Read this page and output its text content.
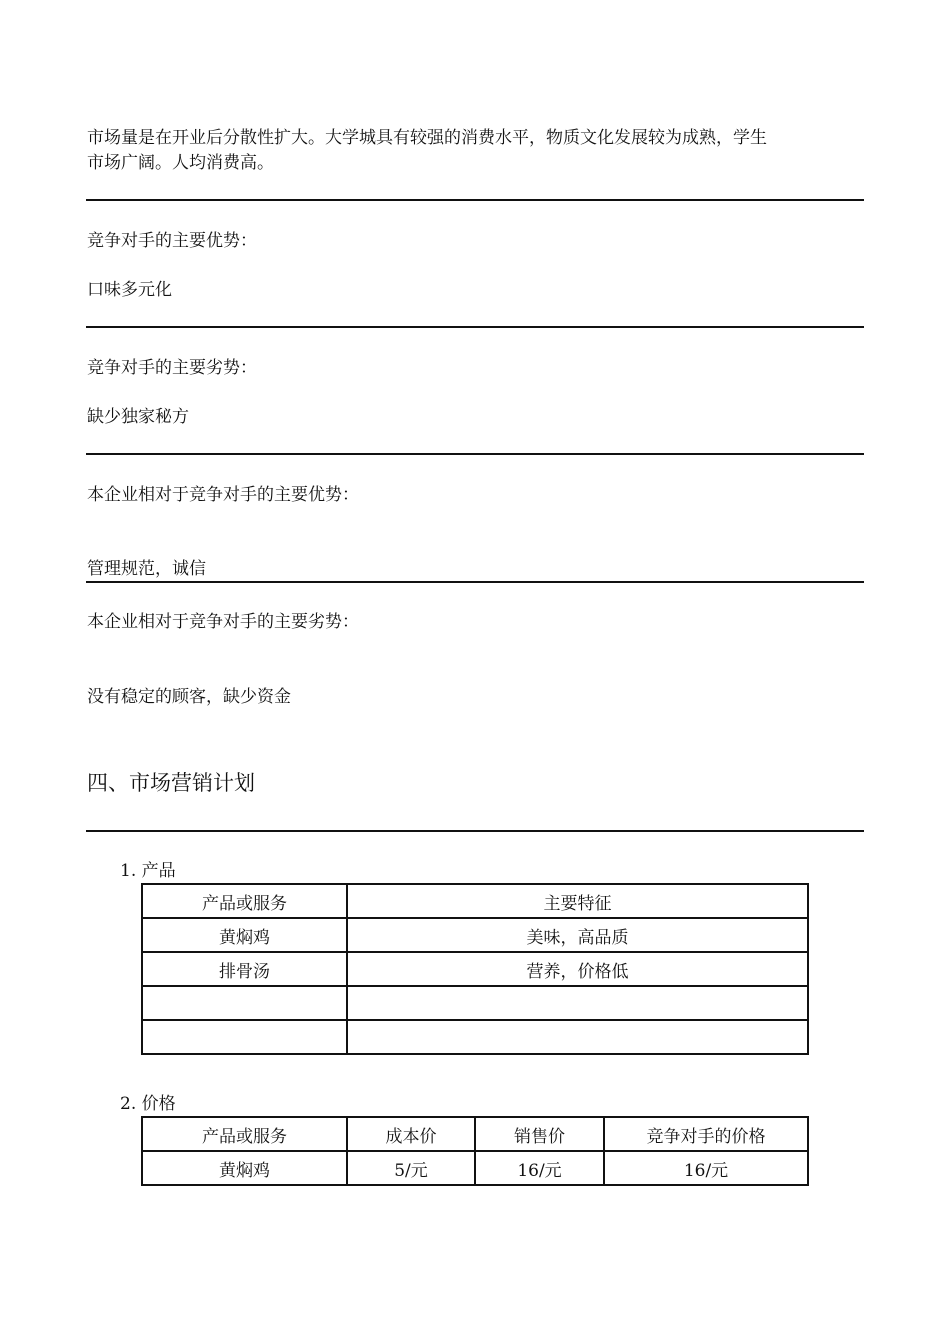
市场量是在开业后分散性扩大。大学城具有较强的消费水平，物质文化发展较为成熟，学生
市场广阔。人均消费高。
竞争对手的主要优势：
口味多元化
竞争对手的主要劣势：
缺少独家秘方
本企业相对于竞争对手的主要优势：
管理规范，诚信
本企业相对于竞争对手的主要劣势：
没有稳定的顾客，缺少资金
四、市场营销计划
1. 产品
产品或服务	主要特征
黄焖鸡	美味，高品质
排骨汤	营养，价格低

2. 价格
产品或服务	成本价	销售价	竞争对手的价格
黄焖鸡	5/元	16/元	16/元
